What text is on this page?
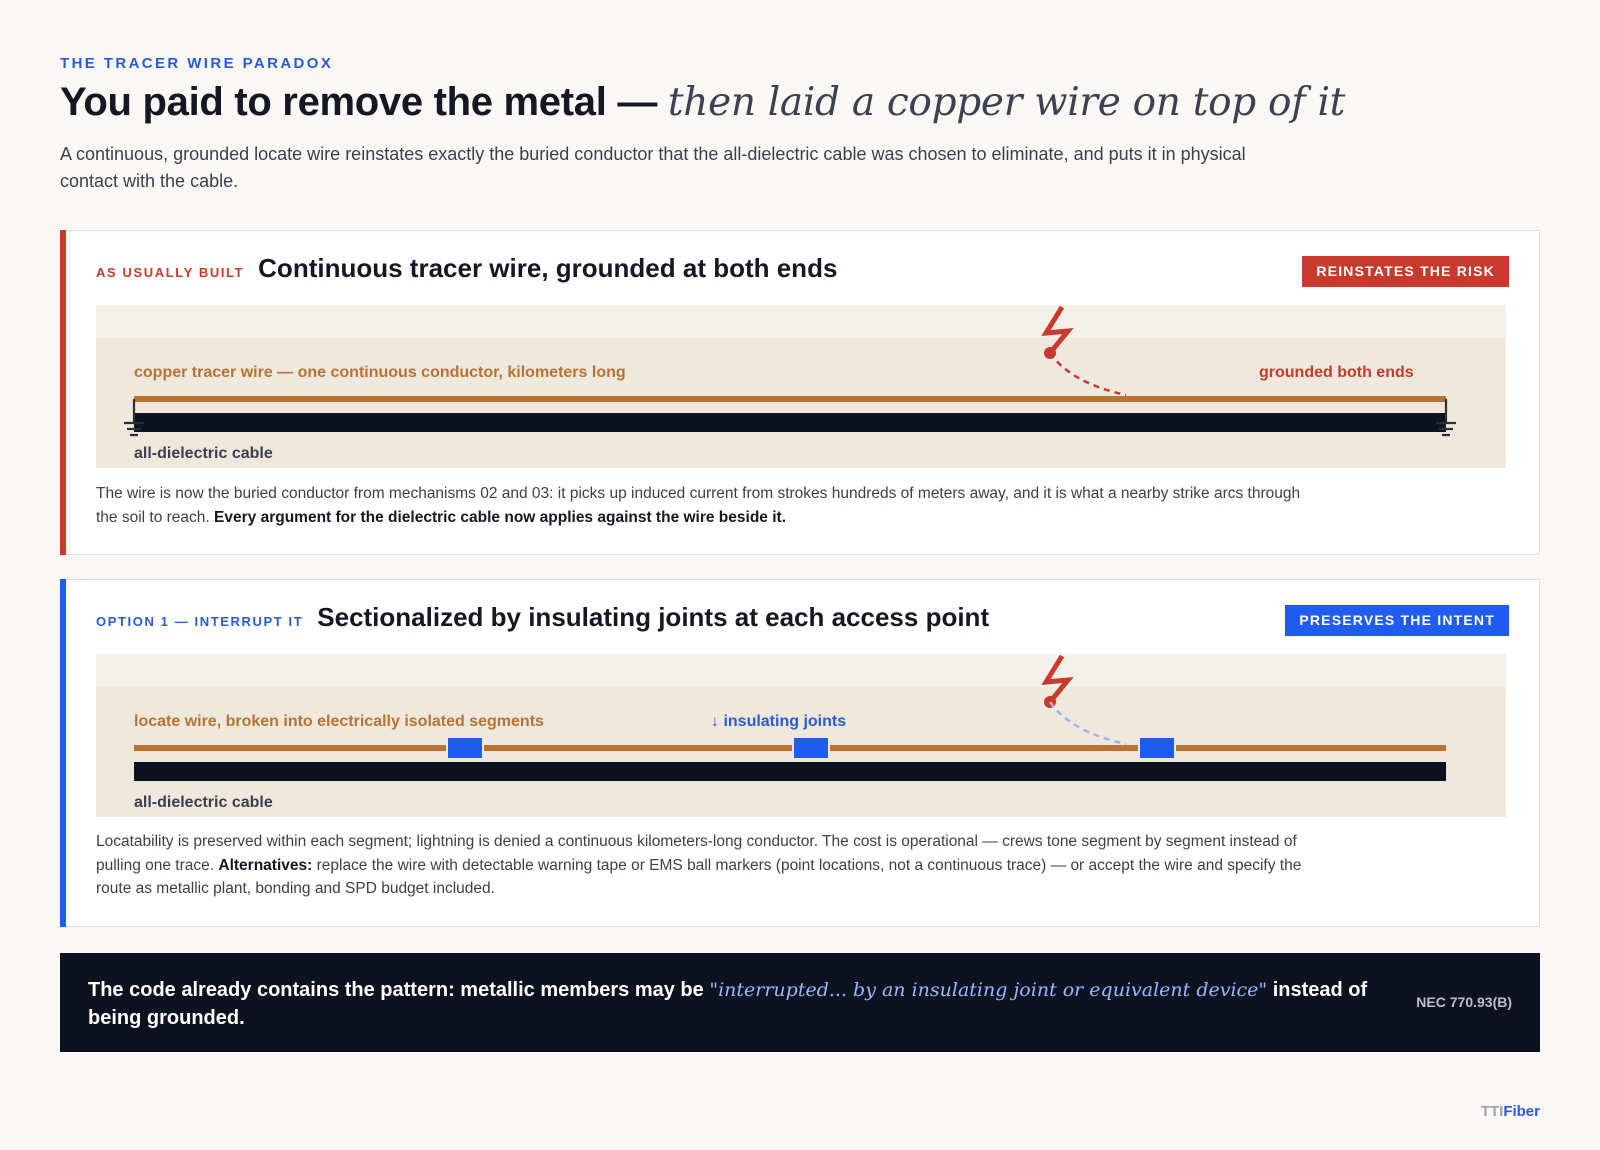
THE TRACER WIRE PARADOX
You paid to remove the metal — then laid a copper wire on top of it
A continuous, grounded locate wire reinstates exactly the buried conductor that the all-dielectric cable was chosen to eliminate, and puts it in physical contact with the cable.
AS USUALLY BUILT Continuous tracer wire, grounded at both ends	REINSTATES THE RISK
copper tracer wire — one continuous conductor, kilometers long	grounded both ends
all-dielectric cable
The wire is now the buried conductor from mechanisms 02 and 03: it picks up induced current from strokes hundreds of meters away, and it is what a nearby strike arcs through the soil to reach. Every argument for the dielectric cable now applies against the wire beside it.
OPTION 1 — INTERRUPT IT Sectionalized by insulating joints at each access point	PRESERVES THE INTENT
locate wire, broken into electrically isolated segments	↓ insulating joints
all-dielectric cable
Locatability is preserved within each segment; lightning is denied a continuous kilometers-long conductor. The cost is operational — crews tone segment by segment instead of pulling one trace. Alternatives: replace the wire with detectable warning tape or EMS ball markers (point locations, not a continuous trace) — or accept the wire and specify the route as metallic plant, bonding and SPD budget included.
The code already contains the pattern: metallic members may be "interrupted... by an insulating joint or equivalent device" instead of being grounded.
NEC 770.93(B)
TTIFiber
